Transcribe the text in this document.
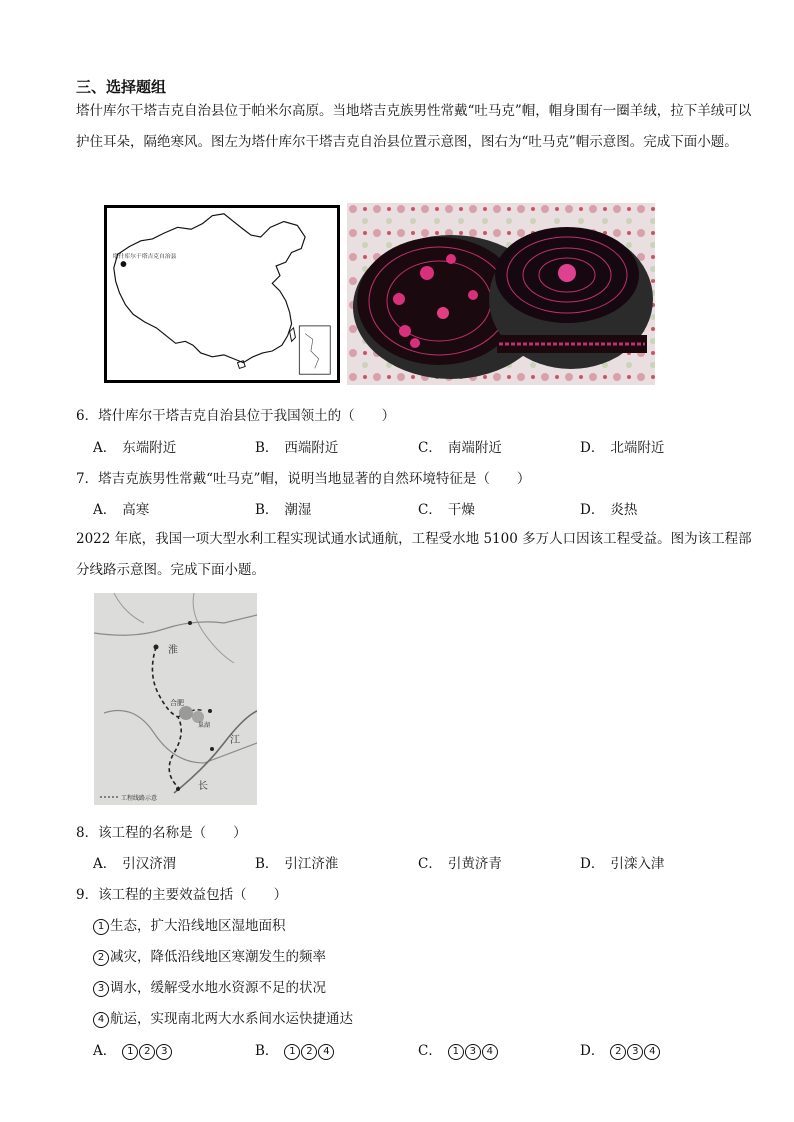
三、选择题组
塔什库尔干塔吉克自治县位于帕米尔高原。当地塔吉克族男性常戴“吐马克”帽，帽身围有一圈羊绒，拉下羊绒可以护住耳朵，隔绝寒风。图左为塔什库尔干塔吉克自治县位置示意图，图右为“吐马克”帽示意图。完成下面小题。
塔什库尔干塔吉克自治县
6．塔什库尔干塔吉克自治县位于我国领土的（　　）
A． 东端附近	B． 西端附近	C． 南端附近	D． 北端附近
7．塔吉克族男性常戴“吐马克”帽，说明当地显著的自然环境特征是（　　）
A． 高寒	B． 潮湿	C． 干燥	D． 炎热
2022 年底，我国一项大型水利工程实现试通水试通航，工程受水地 5100 多万人口因该工程受益。图为该工程部分线路示意图。完成下面小题。
淮
合肥
巢湖
江
长
工程线路示意
8．该工程的名称是（　　）
A． 引汉济渭	B． 引江济淮	C． 引黄济青	D． 引滦入津
9．该工程的主要效益包括（　　）
1 生态，扩大沿线地区湿地面积
2 减灾，降低沿线地区寒潮发生的频率
3 调水，缓解受水地水资源不足的状况
4 航运，实现南北两大水系间水运快捷通达
A． 1 2 3	B． 1 2 4	C． 1 3 4	D． 2 3 4
